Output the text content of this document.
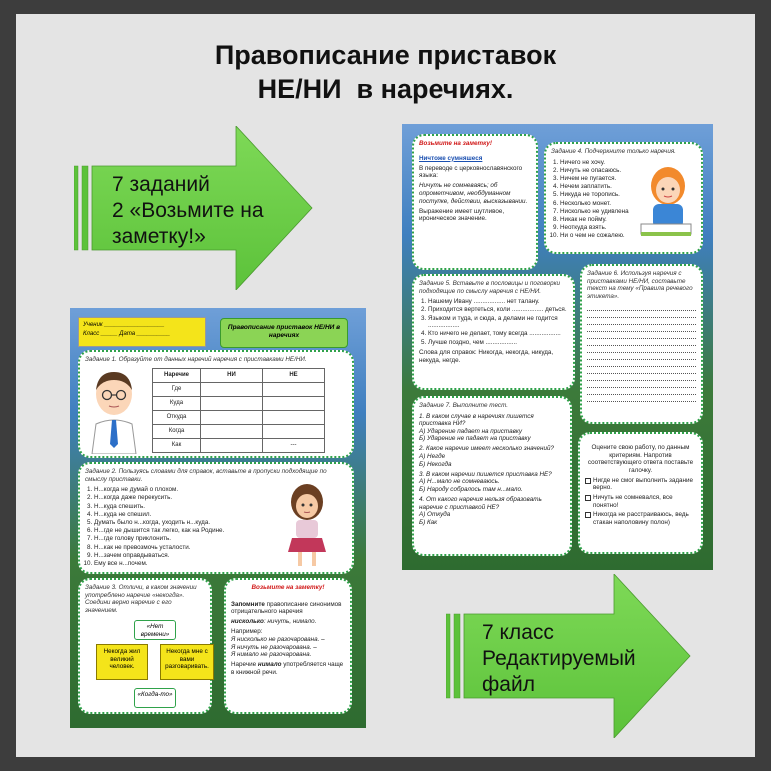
Правописание приставок
НЕ/НИ  в наречиях.
7 заданий
2 «Возьмите на
заметку!»
7 класс
Редактируемый
файл
Возьмите на заметку!

Ничтоже сумняшеся

В переводе с церковнославянского языка:

Ничуть не сомневаясь; об опрометчивом, необдуманном поступке, действии, высказывании.

Выражение имеет шутливое, ироническое значение.

Задание 4. Подчеркните только наречия.
1. Ничего не хочу.
2. Ничуть не опасаюсь.
3. Ничем не пугается.
4. Нечем заплатить.
5. Никуда не торопись.
6. Несколько монет.
7. Нисколько не удивлена
8. Никак не пойму.
9. Неоткуда взять.
10. Ни о чем не сожалею.
Задание 5. Вставьте в пословицы и поговорки подходящие по смыслу наречия с НЕ/НИ.
1. Нашему Ивану .................. нет талану.
2. Приходится вертеться, коли .................. деться.
3. Языком и туда, и сюда, а делами не годится ..................
4. Кто ничего не делает, тому всегда ..................
5. Лучше поздно, чем ..................

Слова для справок: Никогда, некогда, никуда, некуда, негде.

Задание 6. Используя наречия с приставками НЕ/НИ, составьте текст на тему «Правила речевого этикета».
Задание 7. Выполните тест.

1. В каком случае в наречиях пишется приставка НИ?

А) Ударение падает на приставку

Б) Ударение не падает на приставку

2. Какое наречие имеет несколько значений?

А) Негде

Б) Некогда

3. В каком наречии пишется приставка НЕ?

А) Н...мало не сомневаюсь.

Б) Народу собралось там н...мало.

4. От какого наречия нельзя образовать наречие с приставкой НЕ?

А) Откуда
Б) Как

Оцените свою работу, по данным критериям. Напротив соответствующего ответа поставьте галочку.

Нигде не смог выполнить задание верно.
Ничуть не сомневался, все понятно!
Никогда не расстраиваюсь, ведь стакан наполовину полон)
Ученик __________________
Класс _____ Дата __________
Правописание приставок НЕ/НИ в наречиях
Задание 1. Образуйте от данных наречий наречия с приставками НЕ/НИ.
Наречие	НИ	НЕ
Где		
Куда		
Откуда		
Когда		
Как		---
Задание 2. Пользуясь словами для справок, вставьте в пропуски подходящие по смыслу приставки.
1. Н...когда не думай о плохом.
2. Н...когда даже перекусить.
3. Н...куда спешить.
4. Н...куда не спешил.
5. Думать было н...когда, уходить н...куда.
6. Н...где не дышится так легко, как на Родине.
7. Н...где голову приклонить.
8. Н...как не превозмочь усталости.
9. Н...зачем оправдываться.
10. Ему все н...почем.
Задание 3. Отличи, в каком значении употреблено наречие «некогда». Соедини верно наречие с его значением.
«Нет времени»
Некогда жил великий человек.
Некогда мне с вами разговаривать.
«Когда-то»
Возьмите на заметку!

Запомните правописание синонимов отрицательного наречия

нисколько: ничуть, нимало.

Например:
Я нисколько не разочарована. –
Я ничуть не разочарована. –

Я нимало не разочарована.

Наречие нимало употребляется чаще в книжной речи.
